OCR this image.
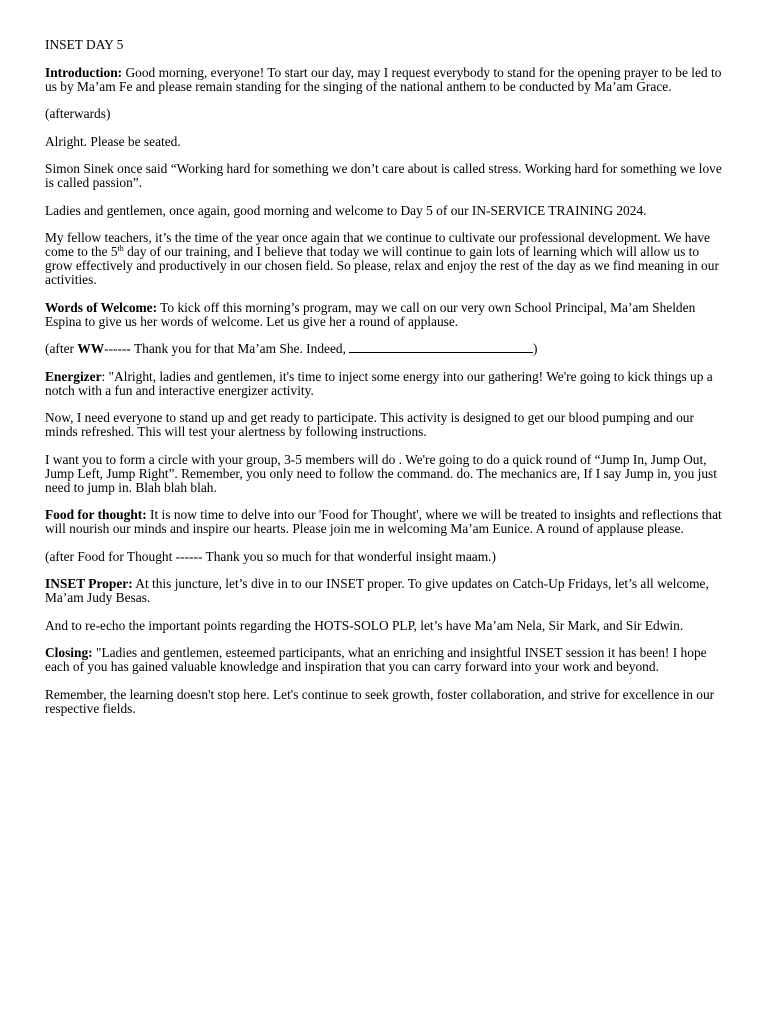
INSET DAY 5

Introduction: Good morning, everyone! To start our day, may I request everybody to stand for the opening prayer to be led to us by Ma’am Fe and please remain standing for the singing of the national anthem to be conducted by Ma’am Grace.

(afterwards)

Alright. Please be seated.

Simon Sinek once said “Working hard for something we don’t care about is called stress. Working hard for something we love is called passion”.

Ladies and gentlemen, once again, good morning and welcome to Day 5 of our IN-SERVICE TRAINING 2024.

My fellow teachers, it’s the time of the year once again that we continue to cultivate our professional development. We have come to the 5th day of our training, and I believe that today we will continue to gain lots of learning which will allow us to grow effectively and productively in our chosen field. So please, relax and enjoy the rest of the day as we find meaning in our activities.

Words of Welcome: To kick off this morning’s program, may we call on our very own School Principal, Ma’am Shelden Espina to give us her words of welcome. Let us give her a round of applause.

(after WW------ Thank you for that Ma’am She. Indeed,	)

Energizer: "Alright, ladies and gentlemen, it's time to inject some energy into our gathering! We're going to kick things up a notch with a fun and interactive energizer activity.

Now, I need everyone to stand up and get ready to participate. This activity is designed to get our blood pumping and our minds refreshed. This will test your alertness by following instructions.

I want you to form a circle with your group, 3-5 members will do . We're going to do a quick round of “Jump In, Jump Out, Jump Left, Jump Right”. Remember, you only need to follow the command. do. The mechanics are, If I say Jump in, you just need to jump in. Blah blah blah.

Food for thought: It is now time to delve into our 'Food for Thought', where we will be treated to insights and reflections that will nourish our minds and inspire our hearts. Please join me in welcoming Ma’am Eunice. A round of applause please.

(after Food for Thought ------ Thank you so much for that wonderful insight maam.)

INSET Proper: At this juncture, let’s dive in to our INSET proper. To give updates on Catch-Up Fridays, let’s all welcome, Ma’am Judy Besas.

And to re-echo the important points regarding the HOTS-SOLO PLP, let’s have Ma’am Nela, Sir Mark, and Sir Edwin.

Closing: "Ladies and gentlemen, esteemed participants, what an enriching and insightful INSET session it has been! I hope each of you has gained valuable knowledge and inspiration that you can carry forward into your work and beyond.

Remember, the learning doesn't stop here. Let's continue to seek growth, foster collaboration, and strive for excellence in our respective fields.
